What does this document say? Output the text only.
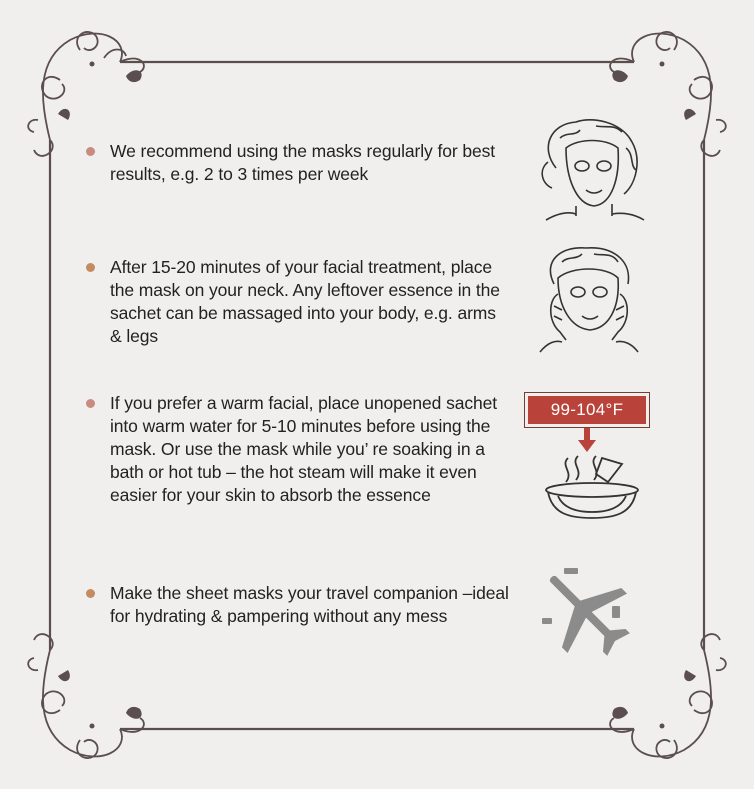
We recommend using the masks regularly for best results, e.g. 2 to 3 times per week
After 15-20 minutes of your facial treatment, place the mask on your neck. Any leftover essence in the sachet can be massaged into your body, e.g. arms & legs
If you prefer a warm facial, place unopened sachet into warm water for 5-10 minutes before using the mask. Or use the mask while you’ re soaking in a bath or hot tub – the hot steam will make it even easier for your skin to absorb the essence
99-104°F
Make the sheet masks your travel companion –ideal for hydrating & pampering without any mess
